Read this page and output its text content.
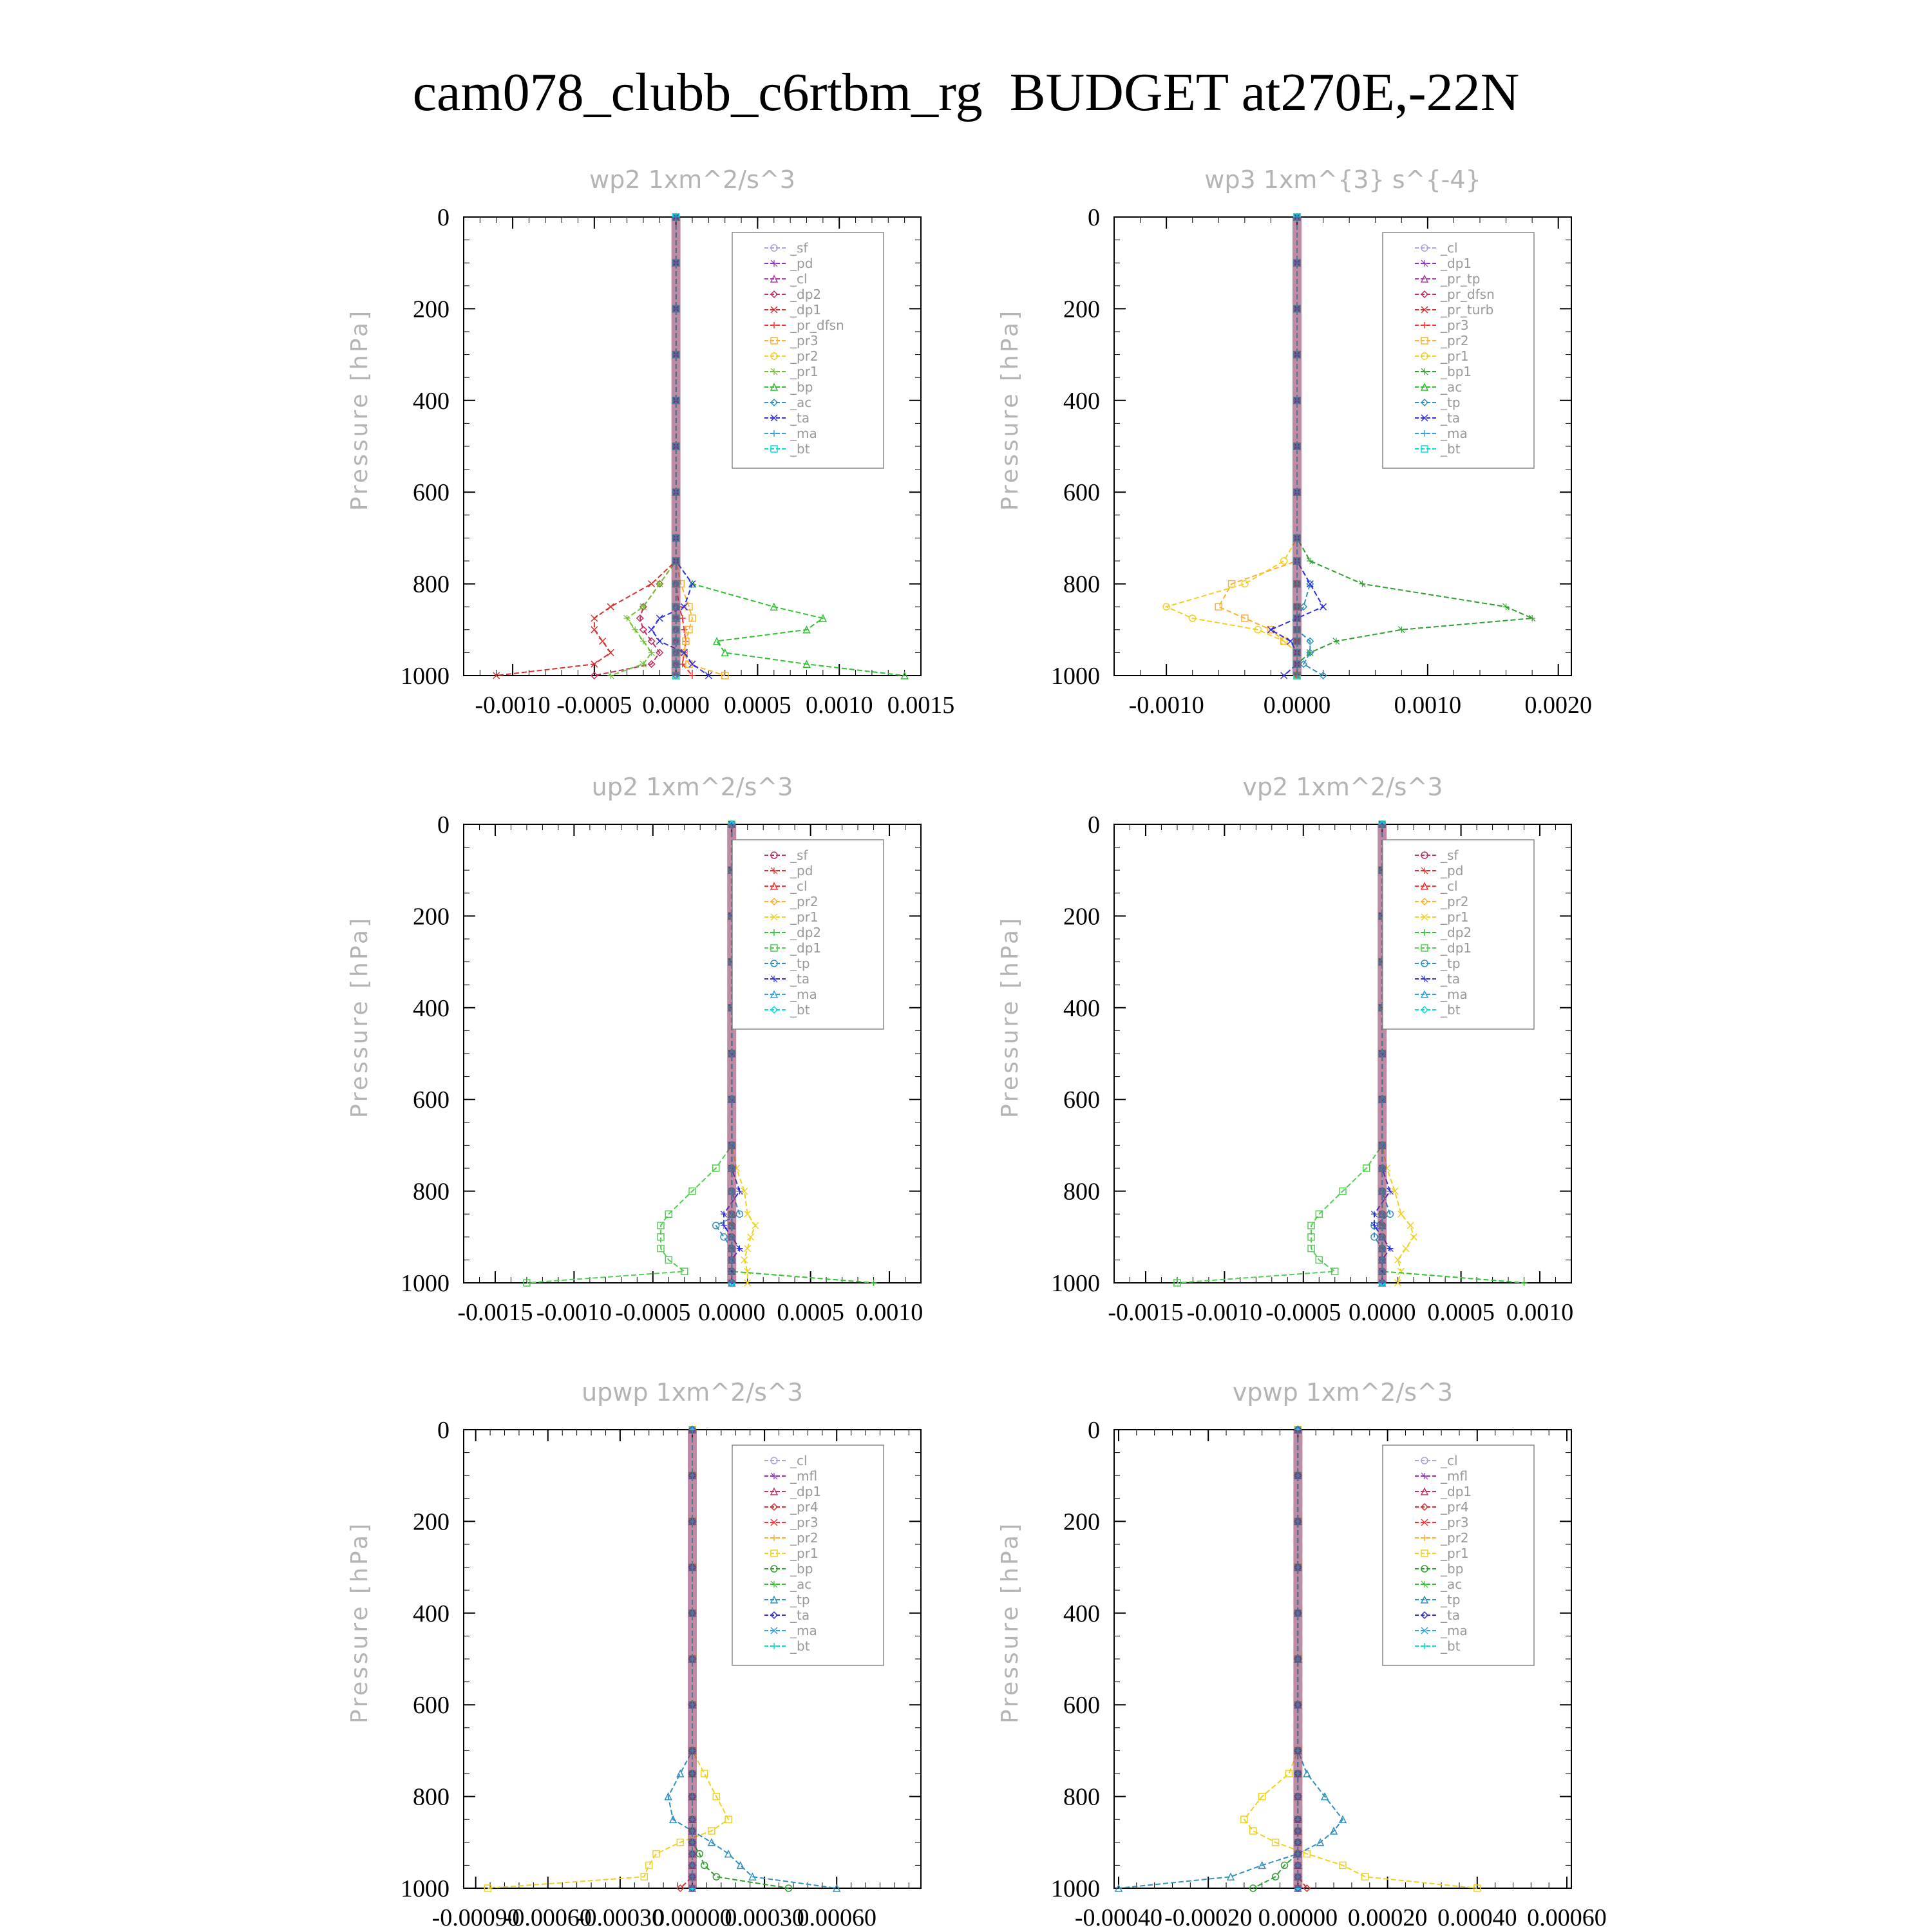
cam078_clubb_c6rtbm_rg  BUDGET at270E,-22N
wp2 1xm^2/s^3
Pressure [hPa]
0
200
400
600
800
1000
-0.0010 -0.0005 0.0000 0.0005 0.0010 0.0015
_sf
_pd
_cl
_dp2
_dp1
_pr_dfsn
_pr3
_pr2
_pr1
_bp
_ac
_ta
_ma
_bt
wp3 1xm^{3} s^{-4}
Pressure [hPa]
0
200
400
600
800
1000
-0.0010 0.0000	0.0010	0.0020
_cl
_dp1
_pr_tp
_pr_dfsn
_pr_turb
_pr3
_pr2
_pr1
_bp1
_ac
_tp
_ta
_ma
_bt
up2 1xm^2/s^3
Pressure [hPa]
0
200
400
600
800
1000
-0.0015 -0.0010 -0.0005 0.0000 0.0005 0.0010
_sf
_pd
_cl
_pr2
_pr1
_dp2
_dp1
_tp
_ta
_ma
_bt
vp2 1xm^2/s^3
Pressure [hPa]
0
200
400
600
800
1000
-0.0015 -0.0010 -0.0005 0.0000 0.0005 0.0010
_sf
_pd
_cl
_pr2
_pr1
_dp2
_dp1
_tp
_ta
_ma
_bt
upwp 1xm^2/s^3
Pressure [hPa]
0
200
400
600
800
1000
-0.00090
-0.00060
-0.00030
0.00000
0.00030
0.00060
_cl
_mfl
_dp1
_pr4
_pr3
_pr2
_pr1
_bp
_ac
_tp
_ta
_ma
_bt
vpwp 1xm^2/s^3
Pressure [hPa]
0
200
400
600
800
1000
-0.00040 -0.00020 0.00000 0.00020 0.00040 0.00060
_cl
_mfl
_dp1
_pr4
_pr3
_pr2
_pr1
_bp
_ac
_tp
_ta
_ma
_bt
